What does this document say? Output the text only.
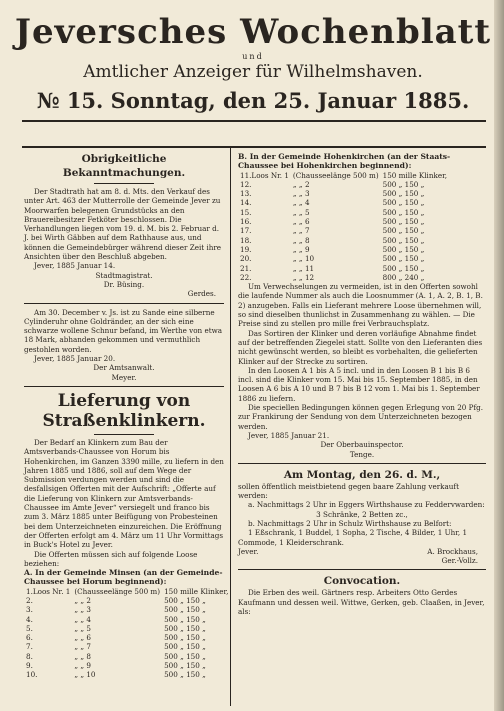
Jeversches Wochenblatt
und
Amtlicher Anzeiger für Wilhelmshaven.
№ 15. Sonntag, den 25. Januar 1885.

Obrigkeitliche Bekanntmachungen.

Der Stadtrath hat am 8. d. Mts. den Verkauf des unter Art. 463 der Mutterrolle der Gemeinde Jever zu Moorwarfen belegenen Grundstücks an den Brauereibesitzer Fetköter beschlossen. Die Verhandlungen liegen vom 19. d. M. bis 2. Februar d. J. bei Wirth Gäbben auf dem Rathhause aus, und können die Gemeindebürger während dieser Zeit ihre Ansichten über den Beschluß abgeben.

Jever, 1885 Januar 14.

Stadtmagistrat.

Dr. Büsing.

Gerdes.

Am 30. December v. Js. ist zu Sande eine silberne Cylinderuhr ohne Goldränder, an der sich eine schwarze wollene Schnur befand, im Werthe von etwa 18 Mark, abhanden gekommen und vermuthlich gestohlen worden.

Jever, 1885 Januar 20.

Der Amtsanwalt.

Meyer.

Lieferung von Straßenklinkern.

Der Bedarf an Klinkern zum Bau der Amtsverbands-Chaussee von Horum bis Hohenkirchen, im Ganzen 3390 mille, zu liefern in den Jahren 1885 und 1886, soll auf dem Wege der Submission verdungen werden und sind die desfallsigen Offerten mit der Aufschrift: „Offerte auf die Lieferung von Klinkern zur Amtsverbands-Chaussee im Amte Jever“ versiegelt und franco bis zum 3. März 1885 unter Beifügung von Probesteinen bei dem Unterzeichneten einzureichen. Die Eröffnung der Offerten erfolgt am 4. März um 11 Uhr Vormittags in Buck's Hotel zu Jever.

Die Offerten müssen sich auf folgende Loose beziehen:

A. In der Gemeinde Minsen (an der Gemeinde-Chaussee bei Horum beginnend):

1.Loos Nr. 1	(Chausseelänge 500 m)	150 mille Klinker,
2.	„ „ 2	500 „ 150 „
3.	„ „ 3	500 „ 150 „
4.	„ „ 4	500 „ 150 „
5.	„ „ 5	500 „ 150 „
6.	„ „ 6	500 „ 150 „
7.	„ „ 7	500 „ 150 „
8.	„ „ 8	500 „ 150 „
9.	„ „ 9	500 „ 150 „
10.	„ „ 10	500 „ 150 „

B. In der Gemeinde Hohenkirchen (an der Staats-Chaussee bei Hohenkirchen beginnend):

11.Loos Nr. 1	(Chausseelänge 500 m)	150 mille Klinker,
12.	„ „ 2	500 „ 150 „
13.	„ „ 3	500 „ 150 „
14.	„ „ 4	500 „ 150 „
15.	„ „ 5	500 „ 150 „
16.	„ „ 6	500 „ 150 „
17.	„ „ 7	500 „ 150 „
18.	„ „ 8	500 „ 150 „
19.	„ „ 9	500 „ 150 „
20.	„ „ 10	500 „ 150 „
21.	„ „ 11	500 „ 150 „
22.	„ „ 12	800 „ 240 „

Um Verwechselungen zu vermeiden, ist in den Offerten sowohl die laufende Nummer als auch die Loosnummer (A. 1, A. 2, B. 1, B. 2) anzugeben. Falls ein Lieferant mehrere Loose übernehmen will, so sind dieselben thunlichst in Zusammenhang zu wählen. — Die Preise sind zu stellen pro mille frei Verbrauchsplatz.

Das Sortiren der Klinker und deren vorläufige Abnahme findet auf der betreffenden Ziegelei statt. Sollte von den Lieferanten dies nicht gewünscht werden, so bleibt es vorbehalten, die gelieferten Klinker auf der Strecke zu sortiren.

In den Loosen A 1 bis A 5 incl. und in den Loosen B 1 bis B 6 incl. sind die Klinker vom 15. Mai bis 15. September 1885, in den Loosen A 6 bis A 10 und B 7 bis B 12 vom 1. Mai bis 1. September 1886 zu liefern.

Die speciellen Bedingungen können gegen Erlegung von 20 Pfg. zur Frankirung der Sendung von dem Unterzeichneten bezogen werden.

Jever, 1885 Januar 21.

Der Oberbauinspector.

Tenge.

Am Montag, den 26. d. M.,

sollen öffentlich meistbietend gegen baare Zahlung verkauft werden:

a. Nachmittags 2 Uhr in Eggers Wirthshause zu Feddervwarden:

3 Schränke, 2 Betten zc.,

b. Nachmittags 2 Uhr in Schulz Wirthshause zu Belfort:

1 Eßschrank, 1 Buddel, 1 Sopha, 2 Tische, 4 Bilder, 1 Uhr, 1 Commode, 1 Kleiderschrank.

Jever.	A. Brockhaus,

Ger.-Vollz.

Convocation.

Die Erben des weil. Gärtners resp. Arbeiters Otto Gerdes Kaufmann und dessen weil. Wittwe, Gerken, geb. Claaßen, in Jever, als:
